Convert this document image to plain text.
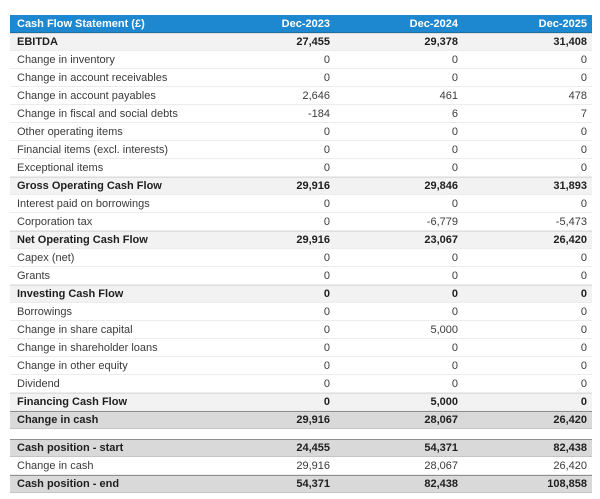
Cash Flow Statement (£)	Dec-2023	Dec-2024	Dec-2025
EBITDA	27,455	29,378	31,408
Change in inventory	0	0	0
Change in account receivables	0	0	0
Change in account payables	2,646	461	478
Change in fiscal and social debts	-184	6	7
Other operating items	0	0	0
Financial items (excl. interests)	0	0	0
Exceptional items	0	0	0
Gross Operating Cash Flow	29,916	29,846	31,893
Interest paid on borrowings	0	0	0
Corporation tax	0	-6,779	-5,473
Net Operating Cash Flow	29,916	23,067	26,420
Capex (net)	0	0	0
Grants	0	0	0
Investing Cash Flow	0	0	0
Borrowings	0	0	0
Change in share capital	0	5,000	0
Change in shareholder loans	0	0	0
Change in other equity	0	0	0
Dividend	0	0	0
Financing Cash Flow	0	5,000	0
Change in cash	29,916	28,067	26,420
Cash position - start	24,455	54,371	82,438
Change in cash	29,916	28,067	26,420
Cash position - end	54,371	82,438	108,858
